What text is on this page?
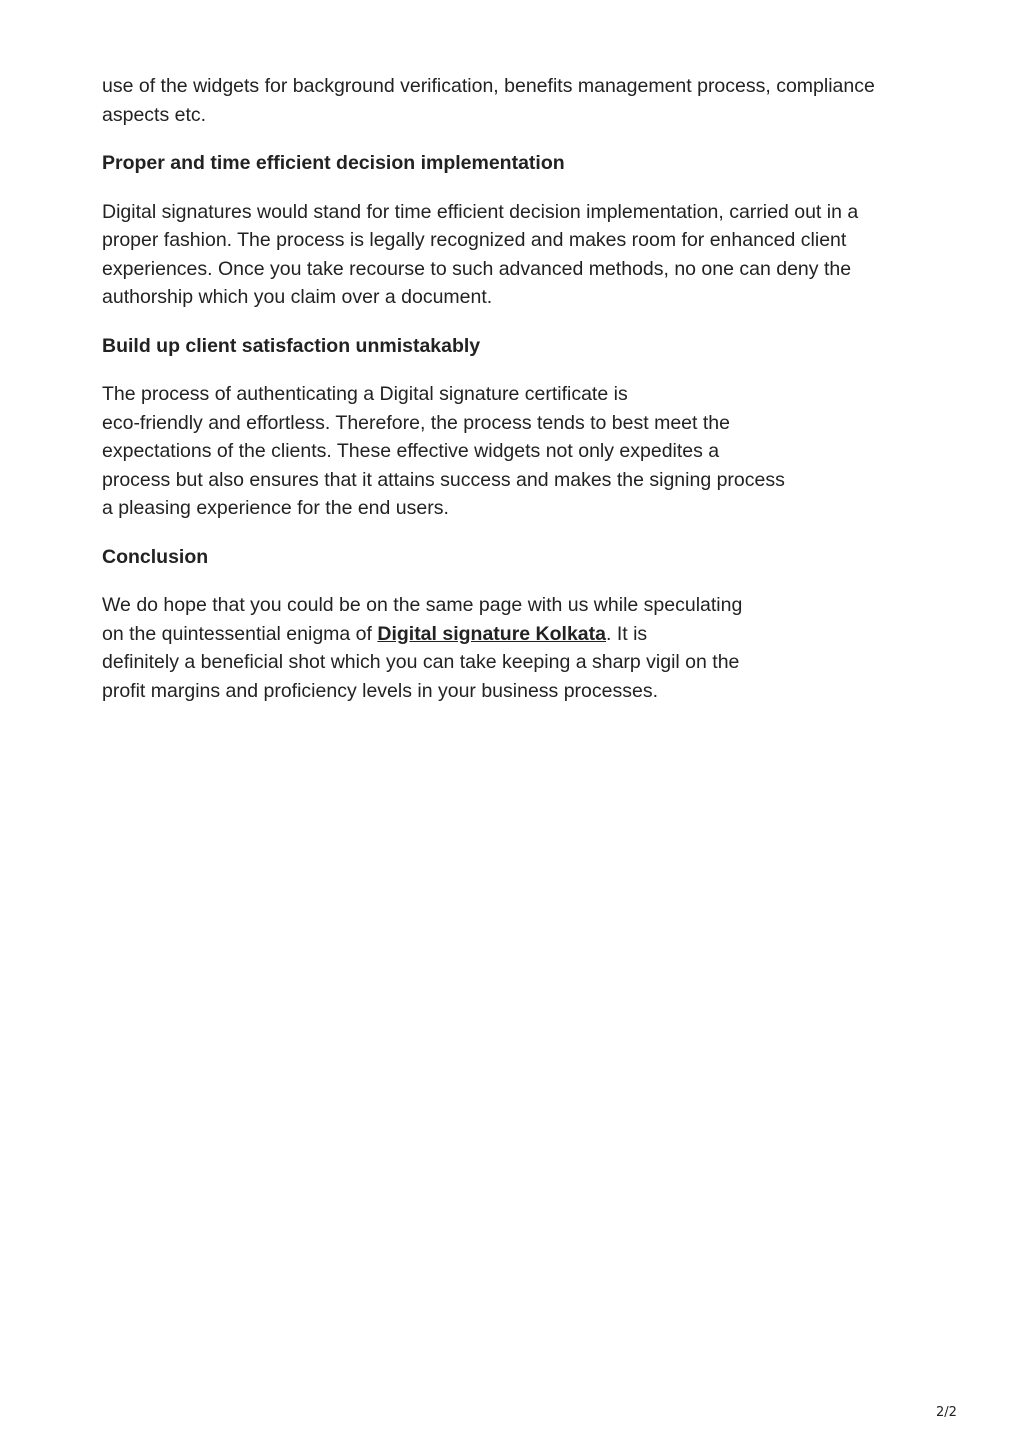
use of the widgets for background verification, benefits management process, compliance
aspects etc.

Proper and time efficient decision implementation

Digital signatures would stand for time efficient decision implementation, carried out in a
proper fashion. The process is legally recognized and makes room for enhanced client
experiences. Once you take recourse to such advanced methods, no one can deny the
authorship which you claim over a document.

Build up client satisfaction unmistakably

The process of authenticating a Digital signature certificate is
eco-friendly and effortless. Therefore, the process tends to best meet the
expectations of the clients. These effective widgets not only expedites a
process but also ensures that it attains success and makes the signing process
a pleasing experience for the end users.

Conclusion

We do hope that you could be on the same page with us while speculating
on the quintessential enigma of Digital signature Kolkata. It is
definitely a beneficial shot which you can take keeping a sharp vigil on the
profit margins and proficiency levels in your business processes.

2/2
